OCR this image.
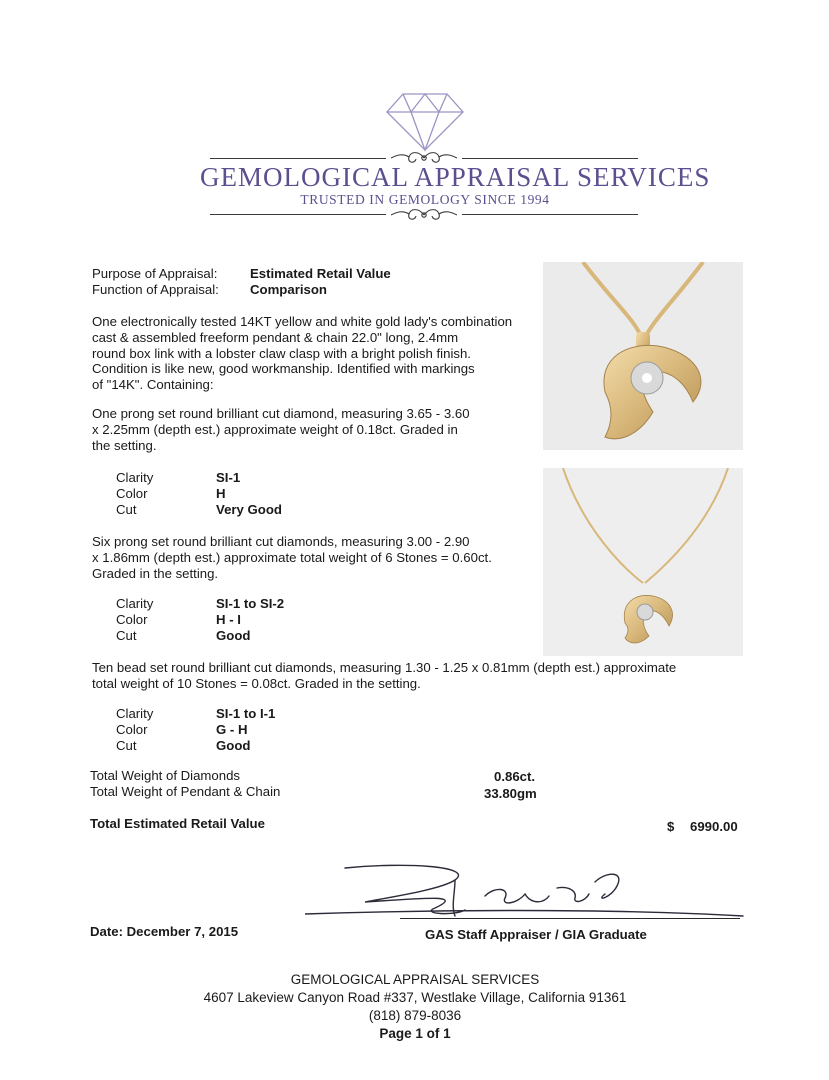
GEMOLOGICAL APPRAISAL SERVICES
TRUSTED IN GEMOLOGY SINCE 1994
Purpose of Appraisal: Estimated Retail Value
Function of Appraisal: Comparison
One electronically tested 14KT yellow and white gold lady's combination
cast & assembled freeform pendant & chain 22.0" long, 2.4mm
round box link with a lobster claw clasp with a bright polish finish.
Condition is like new, good workmanship. Identified with markings
of "14K". Containing:
One prong set round brilliant cut diamond, measuring 3.65 - 3.60
x 2.25mm (depth est.) approximate weight of 0.18ct. Graded in
the setting.
Clarity	SI-1
Color	H
Cut	Very Good
Six prong set round brilliant cut diamonds, measuring 3.00 - 2.90
x 1.86mm (depth est.) approximate total weight of 6 Stones = 0.60ct.
Graded in the setting.
Clarity	SI-1 to SI-2
Color	H - I
Cut	Good
Ten bead set round brilliant cut diamonds, measuring 1.30 - 1.25 x 0.81mm (depth est.) approximate
total weight of 10 Stones = 0.08ct. Graded in the setting.
Clarity	SI-1 to I-1
Color	G - H
Cut	Good
Total Weight of Diamonds	0.86ct.
Total Weight of Pendant & Chain	33.80gm
Total Estimated Retail Value	$ 6990.00
Date: December 7, 2015	GAS Staff Appraiser / GIA Graduate
GEMOLOGICAL APPRAISAL SERVICES
4607 Lakeview Canyon Road #337, Westlake Village, California 91361
(818) 879-8036
Page 1 of 1
